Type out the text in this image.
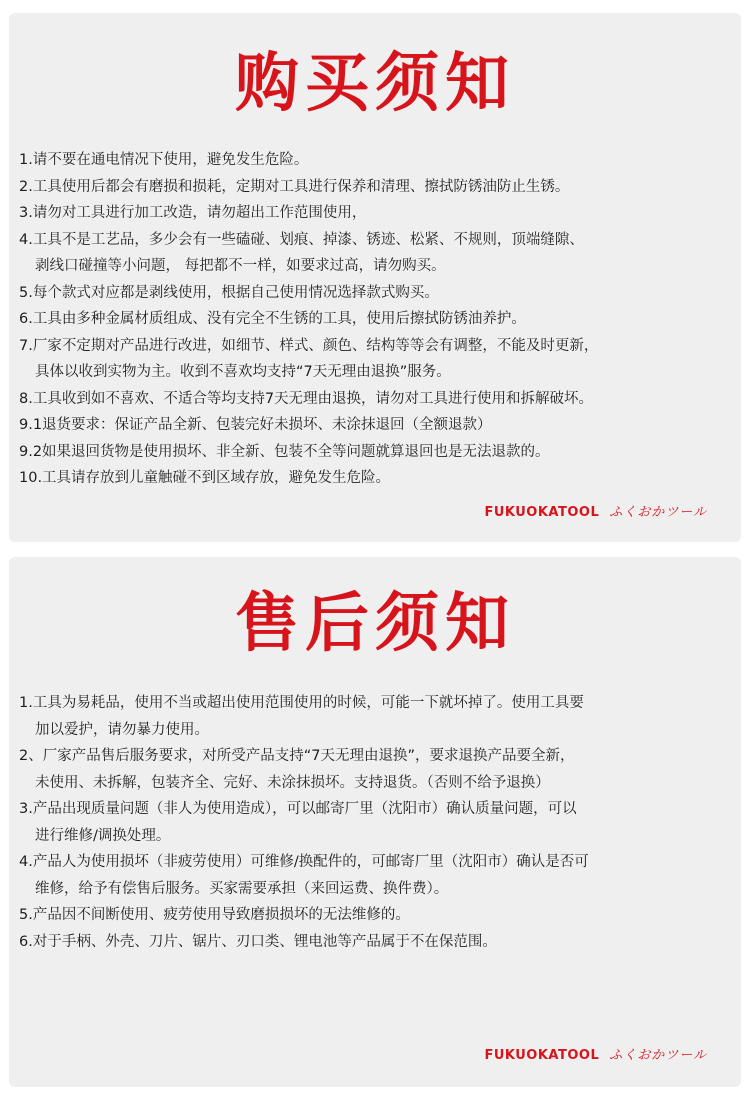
购买须知
1.请不要在通电情况下使用，避免发生危险。
2.工具使用后都会有磨损和损耗，定期对工具进行保养和清理、擦拭防锈油防止生锈。
3.请勿对工具进行加工改造，请勿超出工作范围使用，
4.工具不是工艺品，多少会有一些磕碰、划痕、掉漆、锈迹、松紧、不规则，顶端缝隙、
剥线口碰撞等小问题， 每把都不一样，如要求过高，请勿购买。
5.每个款式对应都是剥线使用，根据自己使用情况选择款式购买。
6.工具由多种金属材质组成、没有完全不生锈的工具，使用后擦拭防锈油养护。
7.厂家不定期对产品进行改进，如细节、样式、颜色、结构等等会有调整，不能及时更新，
具体以收到实物为主。收到不喜欢均支持“7天无理由退换”服务。
8.工具收到如不喜欢、不适合等均支持7天无理由退换，请勿对工具进行使用和拆解破坏。
9.1退货要求：保证产品全新、包装完好未损坏、未涂抹退回（全额退款）
9.2如果退回货物是使用损坏、非全新、包装不全等问题就算退回也是无法退款的。
10.工具请存放到儿童触碰不到区域存放，避免发生危险。
FUKUOKATOOL ふくおかツール
售后须知
1.工具为易耗品，使用不当或超出使用范围使用的时候，可能一下就坏掉了。使用工具要
加以爱护，请勿暴力使用。
2、厂家产品售后服务要求，对所受产品支持“7天无理由退换”，要求退换产品要全新，
未使用、未拆解，包装齐全、完好、未涂抹损坏。支持退货。（否则不给予退换）
3.产品出现质量问题（非人为使用造成），可以邮寄厂里（沈阳市）确认质量问题，可以
进行维修/调换处理。
4.产品人为使用损坏（非疲劳使用）可维修/换配件的，可邮寄厂里（沈阳市）确认是否可
维修，给予有偿售后服务。买家需要承担（来回运费、换件费）。
5.产品因不间断使用、疲劳使用导致磨损损坏的无法维修的。
6.对于手柄、外壳、刀片、锯片、刃口类、锂电池等产品属于不在保范围。
FUKUOKATOOL ふくおかツール
